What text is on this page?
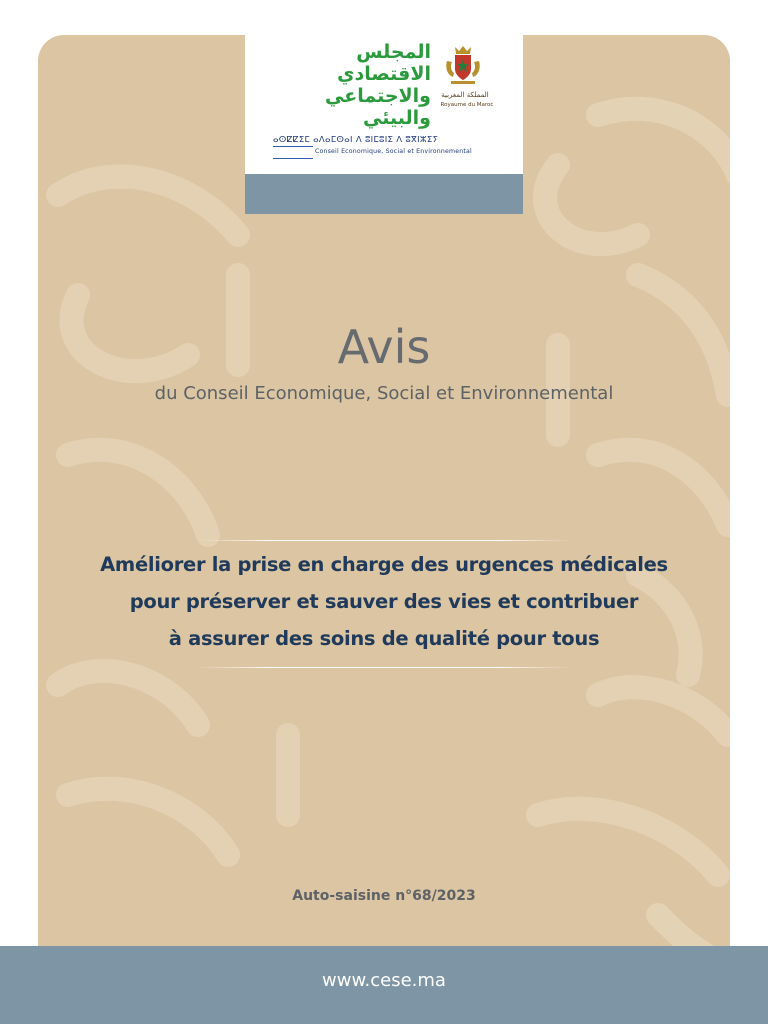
المجلس
الاقتصادي
والاجتماعي
والبيئي
المملكة المغربية
Royaume du Maroc
ⴰⵙⵇⵇⵉⵎ ⴰⴷⴰⵎⵙⴰⵏ ⴷ ⵓⵏⵎⵓⵏⵉ ⴷ ⵓⴳⵏⵣⵉⵢ
Conseil Economique, Social et Environnemental
Avis
du Conseil Economique, Social et Environnemental
Améliorer la prise en charge des urgences médicales
pour préserver et sauver des vies et contribuer
à assurer des soins de qualité pour tous
Auto-saisine n°68/2023
www.cese.ma
